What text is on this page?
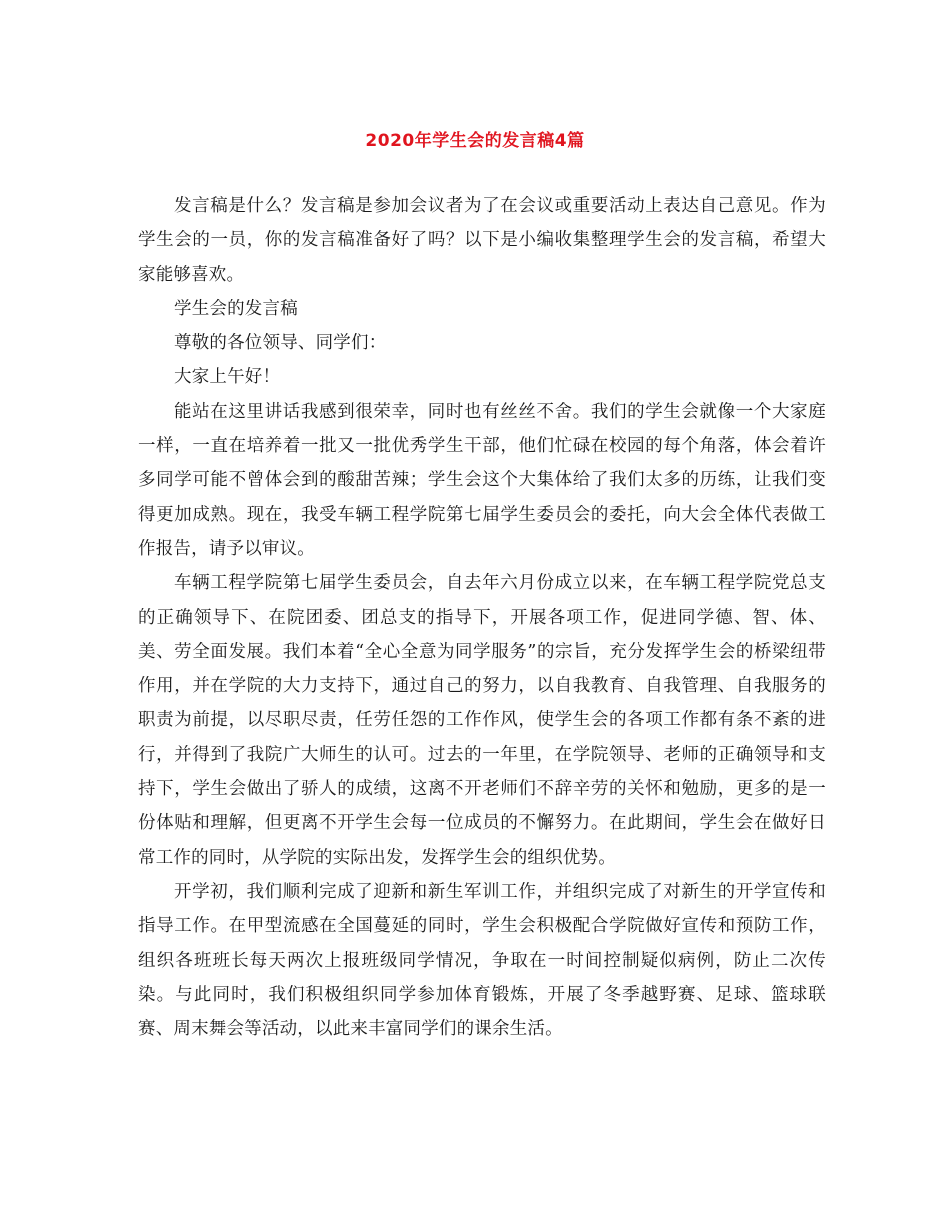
2020年学生会的发言稿4篇

发言稿是什么？发言稿是参加会议者为了在会议或重要活动上表达自己意见。作为学生会的一员，你的发言稿准备好了吗？以下是小编收集整理学生会的发言稿，希望大家能够喜欢。

学生会的发言稿

尊敬的各位领导、同学们：

大家上午好！

能站在这里讲话我感到很荣幸，同时也有丝丝不舍。我们的学生会就像一个大家庭一样，一直在培养着一批又一批优秀学生干部，他们忙碌在校园的每个角落，体会着许多同学可能不曾体会到的酸甜苦辣；学生会这个大集体给了我们太多的历练，让我们变得更加成熟。现在，我受车辆工程学院第七届学生委员会的委托，向大会全体代表做工作报告，请予以审议。

车辆工程学院第七届学生委员会，自去年六月份成立以来，在车辆工程学院党总支的正确领导下、在院团委、团总支的指导下，开展各项工作，促进同学德、智、体、美、劳全面发展。我们本着“全心全意为同学服务”的宗旨，充分发挥学生会的桥梁纽带作用，并在学院的大力支持下，通过自己的努力，以自我教育、自我管理、自我服务的职责为前提，以尽职尽责，任劳任怨的工作作风，使学生会的各项工作都有条不紊的进行，并得到了我院广大师生的认可。过去的一年里，在学院领导、老师的正确领导和支持下，学生会做出了骄人的成绩，这离不开老师们不辞辛劳的关怀和勉励，更多的是一份体贴和理解，但更离不开学生会每一位成员的不懈努力。在此期间，学生会在做好日常工作的同时，从学院的实际出发，发挥学生会的组织优势。

开学初，我们顺利完成了迎新和新生军训工作，并组织完成了对新生的开学宣传和指导工作。在甲型流感在全国蔓延的同时，学生会积极配合学院做好宣传和预防工作，组织各班班长每天两次上报班级同学情况，争取在一时间控制疑似病例，防止二次传染。与此同时，我们积极组织同学参加体育锻炼，开展了冬季越野赛、足球、篮球联赛、周末舞会等活动，以此来丰富同学们的课余生活。
